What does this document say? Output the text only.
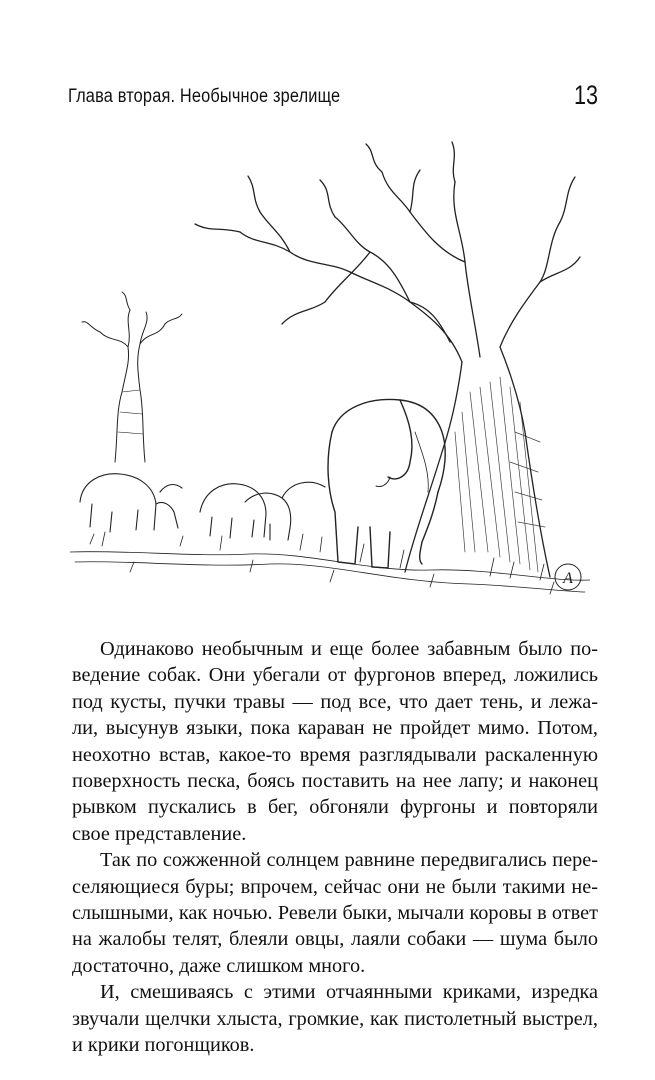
Глава вторая. Необычное зрелище	13
А
Одинаково необычным и еще более забавным было по-
ведение собак. Они убегали от фургонов вперед, ложились
под кусты, пучки травы — под все, что дает тень, и лежа-
ли, высунув языки, пока караван не пройдет мимо. Потом,
неохотно встав, какое-то время разглядывали раскаленную
поверхность песка, боясь поставить на нее лапу; и наконец
рывком пускались в бег, обгоняли фургоны и повторяли
свое представление.
Так по сожженной солнцем равнине передвигались пере-
селяющиеся буры; впрочем, сейчас они не были такими не-
слышными, как ночью. Ревели быки, мычали коровы в ответ
на жалобы телят, блеяли овцы, лаяли собаки — шума было
достаточно, даже слишком много.
И, смешиваясь с этими отчаянными криками, изредка
звучали щелчки хлыста, громкие, как пистолетный выстрел,
и крики погонщиков.
